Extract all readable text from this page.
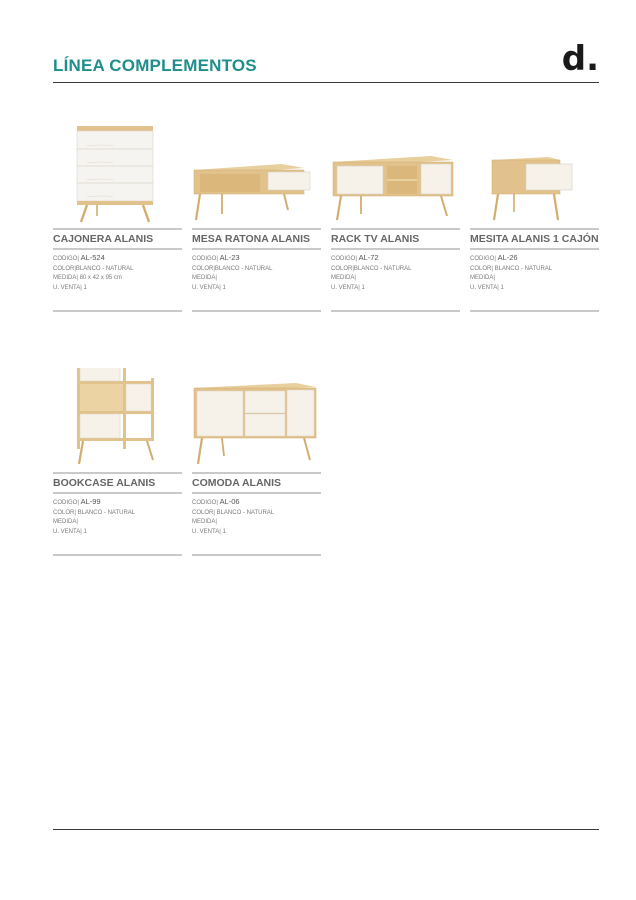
LÍNEA COMPLEMENTOS	d.
CAJONERA ALANIS
CODIGO| AL-524
COLOR|BLANCO - NATURAL
MEDIDA| 80 x 42 x 95 cm
U. VENTA| 1
MESA RATONA ALANIS
CODIGO| AL-23
COLOR|BLANCO - NATURAL
MEDIDA|
U. VENTA| 1
RACK TV ALANIS
CODIGO| AL-72
COLOR|BLANCO - NATURAL
MEDIDA|
U. VENTA| 1
MESITA ALANIS 1 CAJÓN
CODIGO| AL-26
COLOR| BLANCO - NATURAL
MEDIDA|
U. VENTA| 1
BOOKCASE ALANIS
CODIGO| AL-99
COLOR| BLANCO - NATURAL
MEDIDA|
U. VENTA| 1
COMODA ALANIS
CODIGO| AL-06
COLOR| BLANCO - NATURAL
MEDIDA|
U. VENTA| 1
